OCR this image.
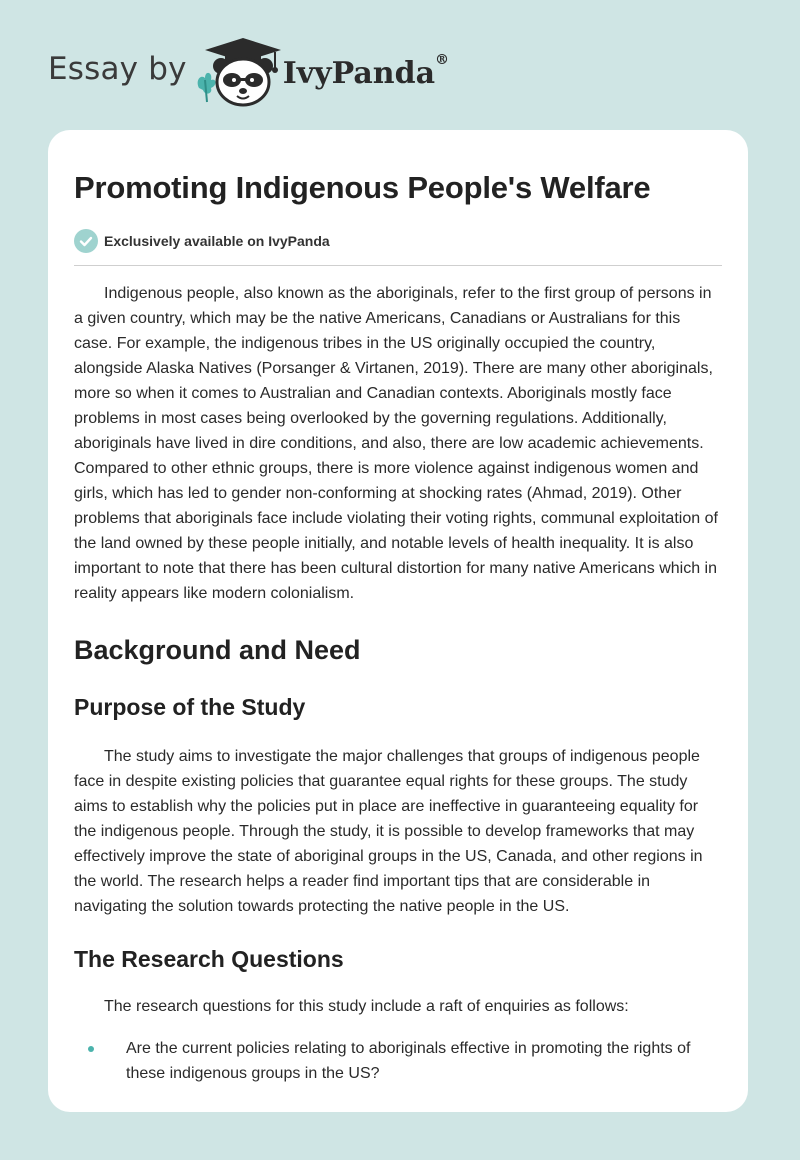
Essay by	IvyPanda®
Promoting Indigenous People's Welfare
Exclusively available on IvyPanda

Indigenous people, also known as the aboriginals, refer to the first group of persons in a given country, which may be the native Americans, Canadians or Australians for this case. For example, the indigenous tribes in the US originally occupied the country, alongside Alaska Natives (Porsanger & Virtanen, 2019). There are many other aboriginals, more so when it comes to Australian and Canadian contexts. Aboriginals mostly face problems in most cases being overlooked by the governing regulations. Additionally, aboriginals have lived in dire conditions, and also, there are low academic achievements. Compared to other ethnic groups, there is more violence against indigenous women and girls, which has led to gender non-conforming at shocking rates (Ahmad, 2019). Other problems that aboriginals face include violating their voting rights, communal exploitation of the land owned by these people initially, and notable levels of health inequality. It is also important to note that there has been cultural distortion for many native Americans which in reality appears like modern colonialism.

Background and Need
Purpose of the Study

The study aims to investigate the major challenges that groups of indigenous people face in despite existing policies that guarantee equal rights for these groups. The study aims to establish why the policies put in place are ineffective in guaranteeing equality for the indigenous people. Through the study, it is possible to develop frameworks that may effectively improve the state of aboriginal groups in the US, Canada, and other regions in the world. The research helps a reader find important tips that are considerable in navigating the solution towards protecting the native people in the US.

The Research Questions

The research questions for this study include a raft of enquiries as follows:

Are the current policies relating to aboriginals effective in promoting the rights of these indigenous groups in the US?
